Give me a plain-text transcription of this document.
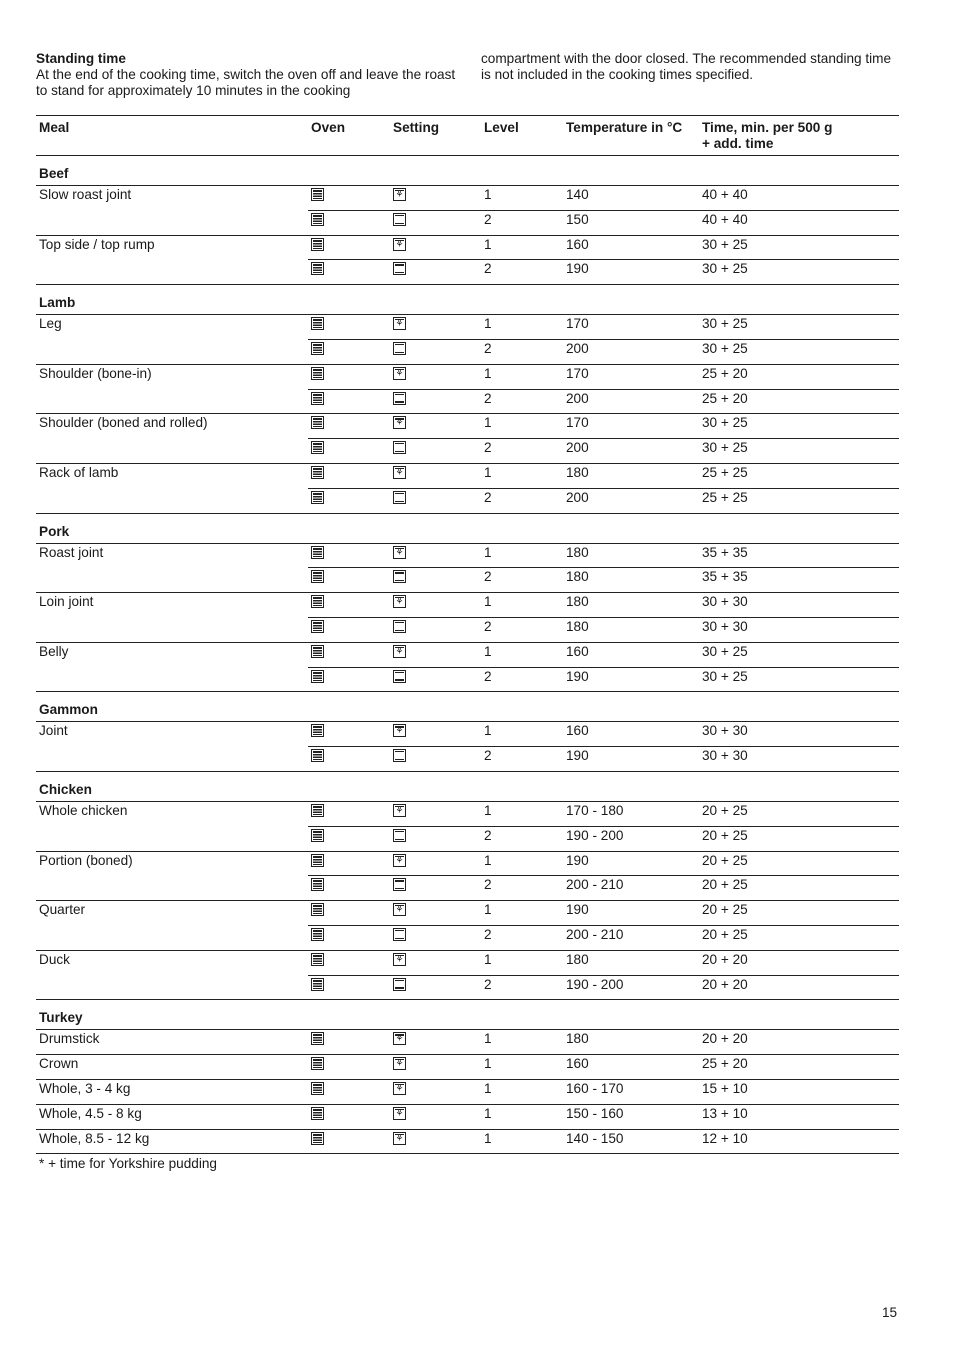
Standing time

At the end of the cooking time, switch the oven off and leave the roast to stand for approximately 10 minutes in the cooking

compartment with the door closed. The recommended standing time is not included in the cooking times specified.

Meal	Oven	Setting	Level	Temperature in °C	Time, min. per 500 g
+ add. time
Beef					
Slow roast joint		⚘	1	140	40 + 40
			2	150	40 + 40
Top side / top rump		⚘	1	160	30 + 25
			2	190	30 + 25
Lamb					
Leg		⚘	1	170	30 + 25
			2	200	30 + 25
Shoulder (bone-in)		⚘	1	170	25 + 20
			2	200	25 + 20
Shoulder (boned and rolled)		⚘	1	170	30 + 25
			2	200	30 + 25
Rack of lamb		⚘	1	180	25 + 25
			2	200	25 + 25
Pork					
Roast joint		⚘	1	180	35 + 35
			2	180	35 + 35
Loin joint		⚘	1	180	30 + 30
			2	180	30 + 30
Belly		⚘	1	160	30 + 25
			2	190	30 + 25
Gammon					
Joint		⚘	1	160	30 + 30
			2	190	30 + 30
Chicken					
Whole chicken		⚘	1	170 - 180	20 + 25
			2	190 - 200	20 + 25
Portion (boned)		⚘	1	190	20 + 25
			2	200 - 210	20 + 25
Quarter		⚘	1	190	20 + 25
			2	200 - 210	20 + 25
Duck		⚘	1	180	20 + 20
			2	190 - 200	20 + 20
Turkey					
Drumstick		⚘	1	180	20 + 20
Crown		⚘	1	160	25 + 20
Whole, 3 - 4 kg		⚘	1	160 - 170	15 + 10
Whole, 4.5 - 8 kg		⚘	1	150 - 160	13 + 10
Whole, 8.5 - 12 kg		⚘	1	140 - 150	12 + 10
* + time for Yorkshire pudding
15
